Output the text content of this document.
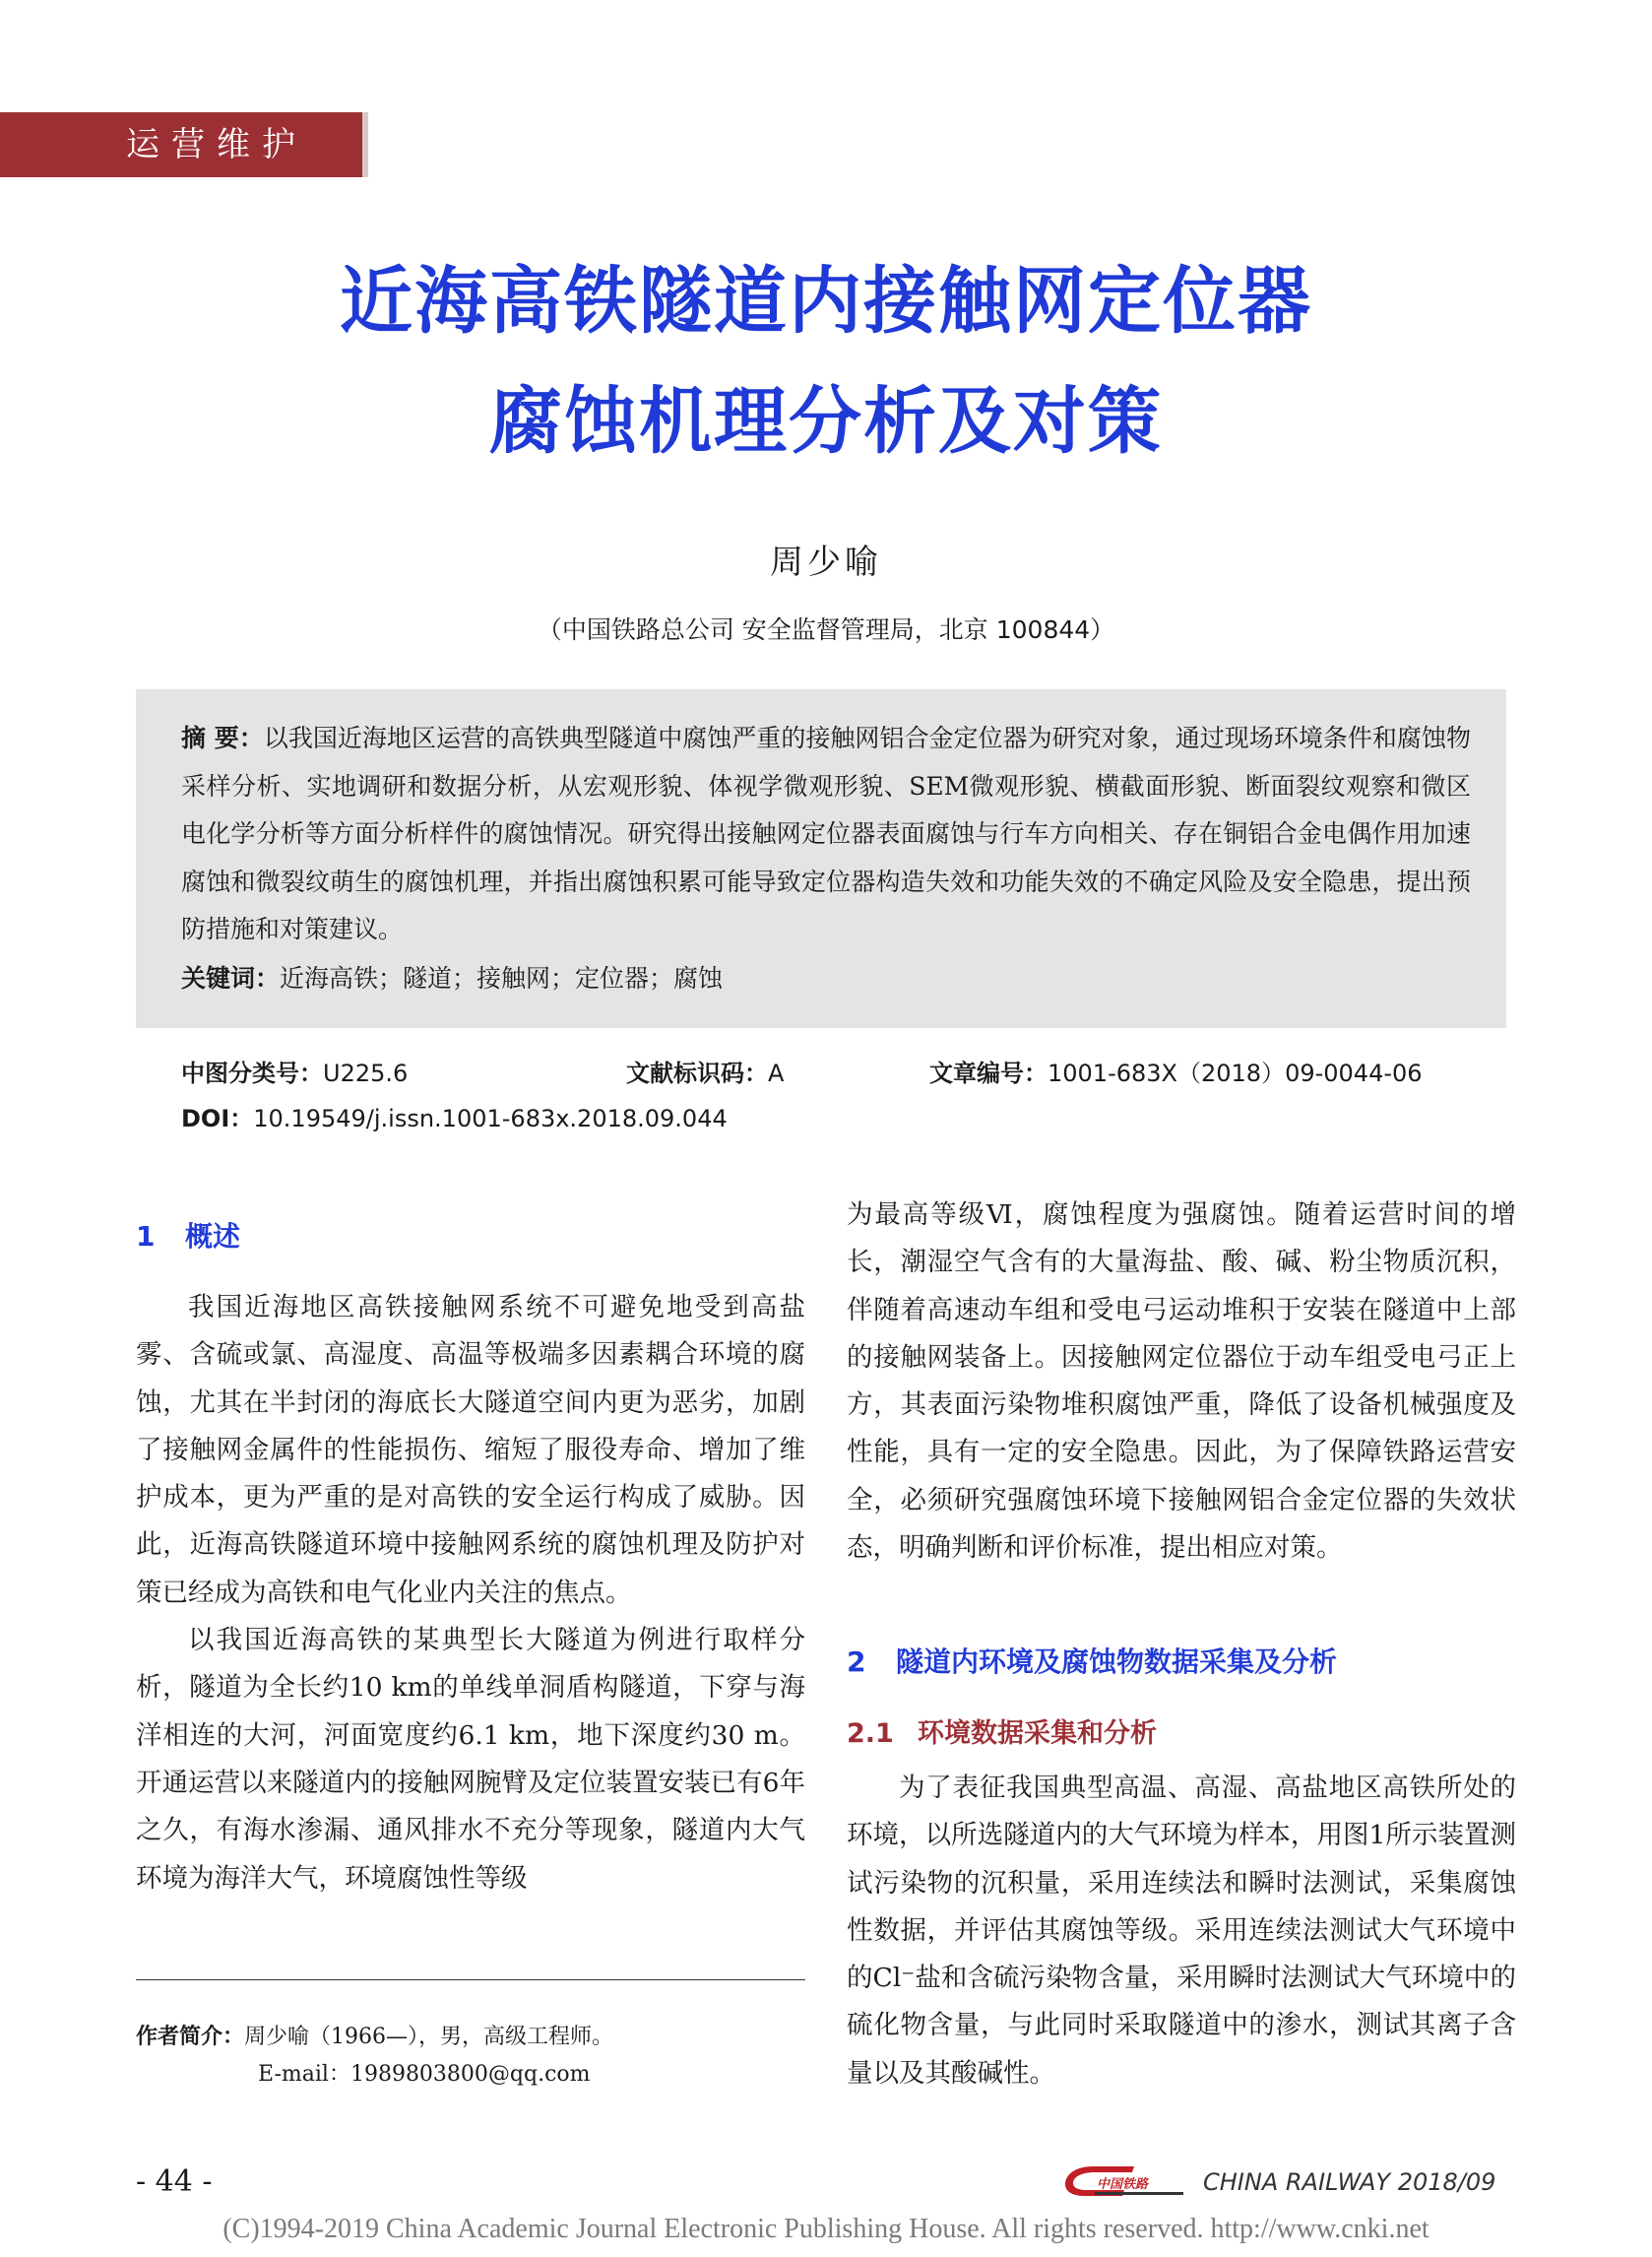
运营维护
近海高铁隧道内接触网定位器
腐蚀机理分析及对策
周少喻
（中国铁路总公司 安全监督管理局，北京 100844）
摘 要：以我国近海地区运营的高铁典型隧道中腐蚀严重的接触网铝合金定位器为研究对象，通过现场环境条件和腐蚀物采样分析、实地调研和数据分析，从宏观形貌、体视学微观形貌、SEM微观形貌、横截面形貌、断面裂纹观察和微区电化学分析等方面分析样件的腐蚀情况。研究得出接触网定位器表面腐蚀与行车方向相关、存在铜铝合金电偶作用加速腐蚀和微裂纹萌生的腐蚀机理，并指出腐蚀积累可能导致定位器构造失效和功能失效的不确定风险及安全隐患，提出预防措施和对策建议。
关键词：近海高铁；隧道；接触网；定位器；腐蚀
中图分类号：U225.6	文献标识码：A	文章编号：1001-683X（2018）09-0044-06
DOI：10.19549/j.issn.1001-683x.2018.09.044
1 概述
2 隧道内环境及腐蚀物数据采集及分析
2.1 环境数据采集和分析

我国近海地区高铁接触网系统不可避免地受到高盐雾、含硫或氯、高湿度、高温等极端多因素耦合环境的腐蚀，尤其在半封闭的海底长大隧道空间内更为恶劣，加剧了接触网金属件的性能损伤、缩短了服役寿命、增加了维护成本，更为严重的是对高铁的安全运行构成了威胁。因此，近海高铁隧道环境中接触网系统的腐蚀机理及防护对策已经成为高铁和电气化业内关注的焦点。

以我国近海高铁的某典型长大隧道为例进行取样分析，隧道为全长约10 km的单线单洞盾构隧道，下穿与海洋相连的大河，河面宽度约6.1 km，地下深度约30 m。开通运营以来隧道内的接触网腕臂及定位装置安装已有6年之久，有海水渗漏、通风排水不充分等现象，隧道内大气环境为海洋大气，环境腐蚀性等级

为最高等级Ⅵ，腐蚀程度为强腐蚀。随着运营时间的增长，潮湿空气含有的大量海盐、酸、碱、粉尘物质沉积，伴随着高速动车组和受电弓运动堆积于安装在隧道中上部的接触网装备上。因接触网定位器位于动车组受电弓正上方，其表面污染物堆积腐蚀严重，降低了设备机械强度及性能，具有一定的安全隐患。因此，为了保障铁路运营安全，必须研究强腐蚀环境下接触网铝合金定位器的失效状态，明确判断和评价标准，提出相应对策。

为了表征我国典型高温、高湿、高盐地区高铁所处的环境，以所选隧道内的大气环境为样本，用图1所示装置测试污染物的沉积量，采用连续法和瞬时法测试，采集腐蚀性数据，并评估其腐蚀等级。采用连续法测试大气环境中的Cl⁻盐和含硫污染物含量，采用瞬时法测试大气环境中的硫化物含量，与此同时采取隧道中的渗水，测试其离子含量以及其酸碱性。

作者简介：周少喻（1966—），男，高级工程师。
E-mail：1989803800@qq.com
- 44 -	中国铁路 CHINA RAILWAY 2018/09
(C)1994-2019 China Academic Journal Electronic Publishing House. All rights reserved. http://www.cnki.net
